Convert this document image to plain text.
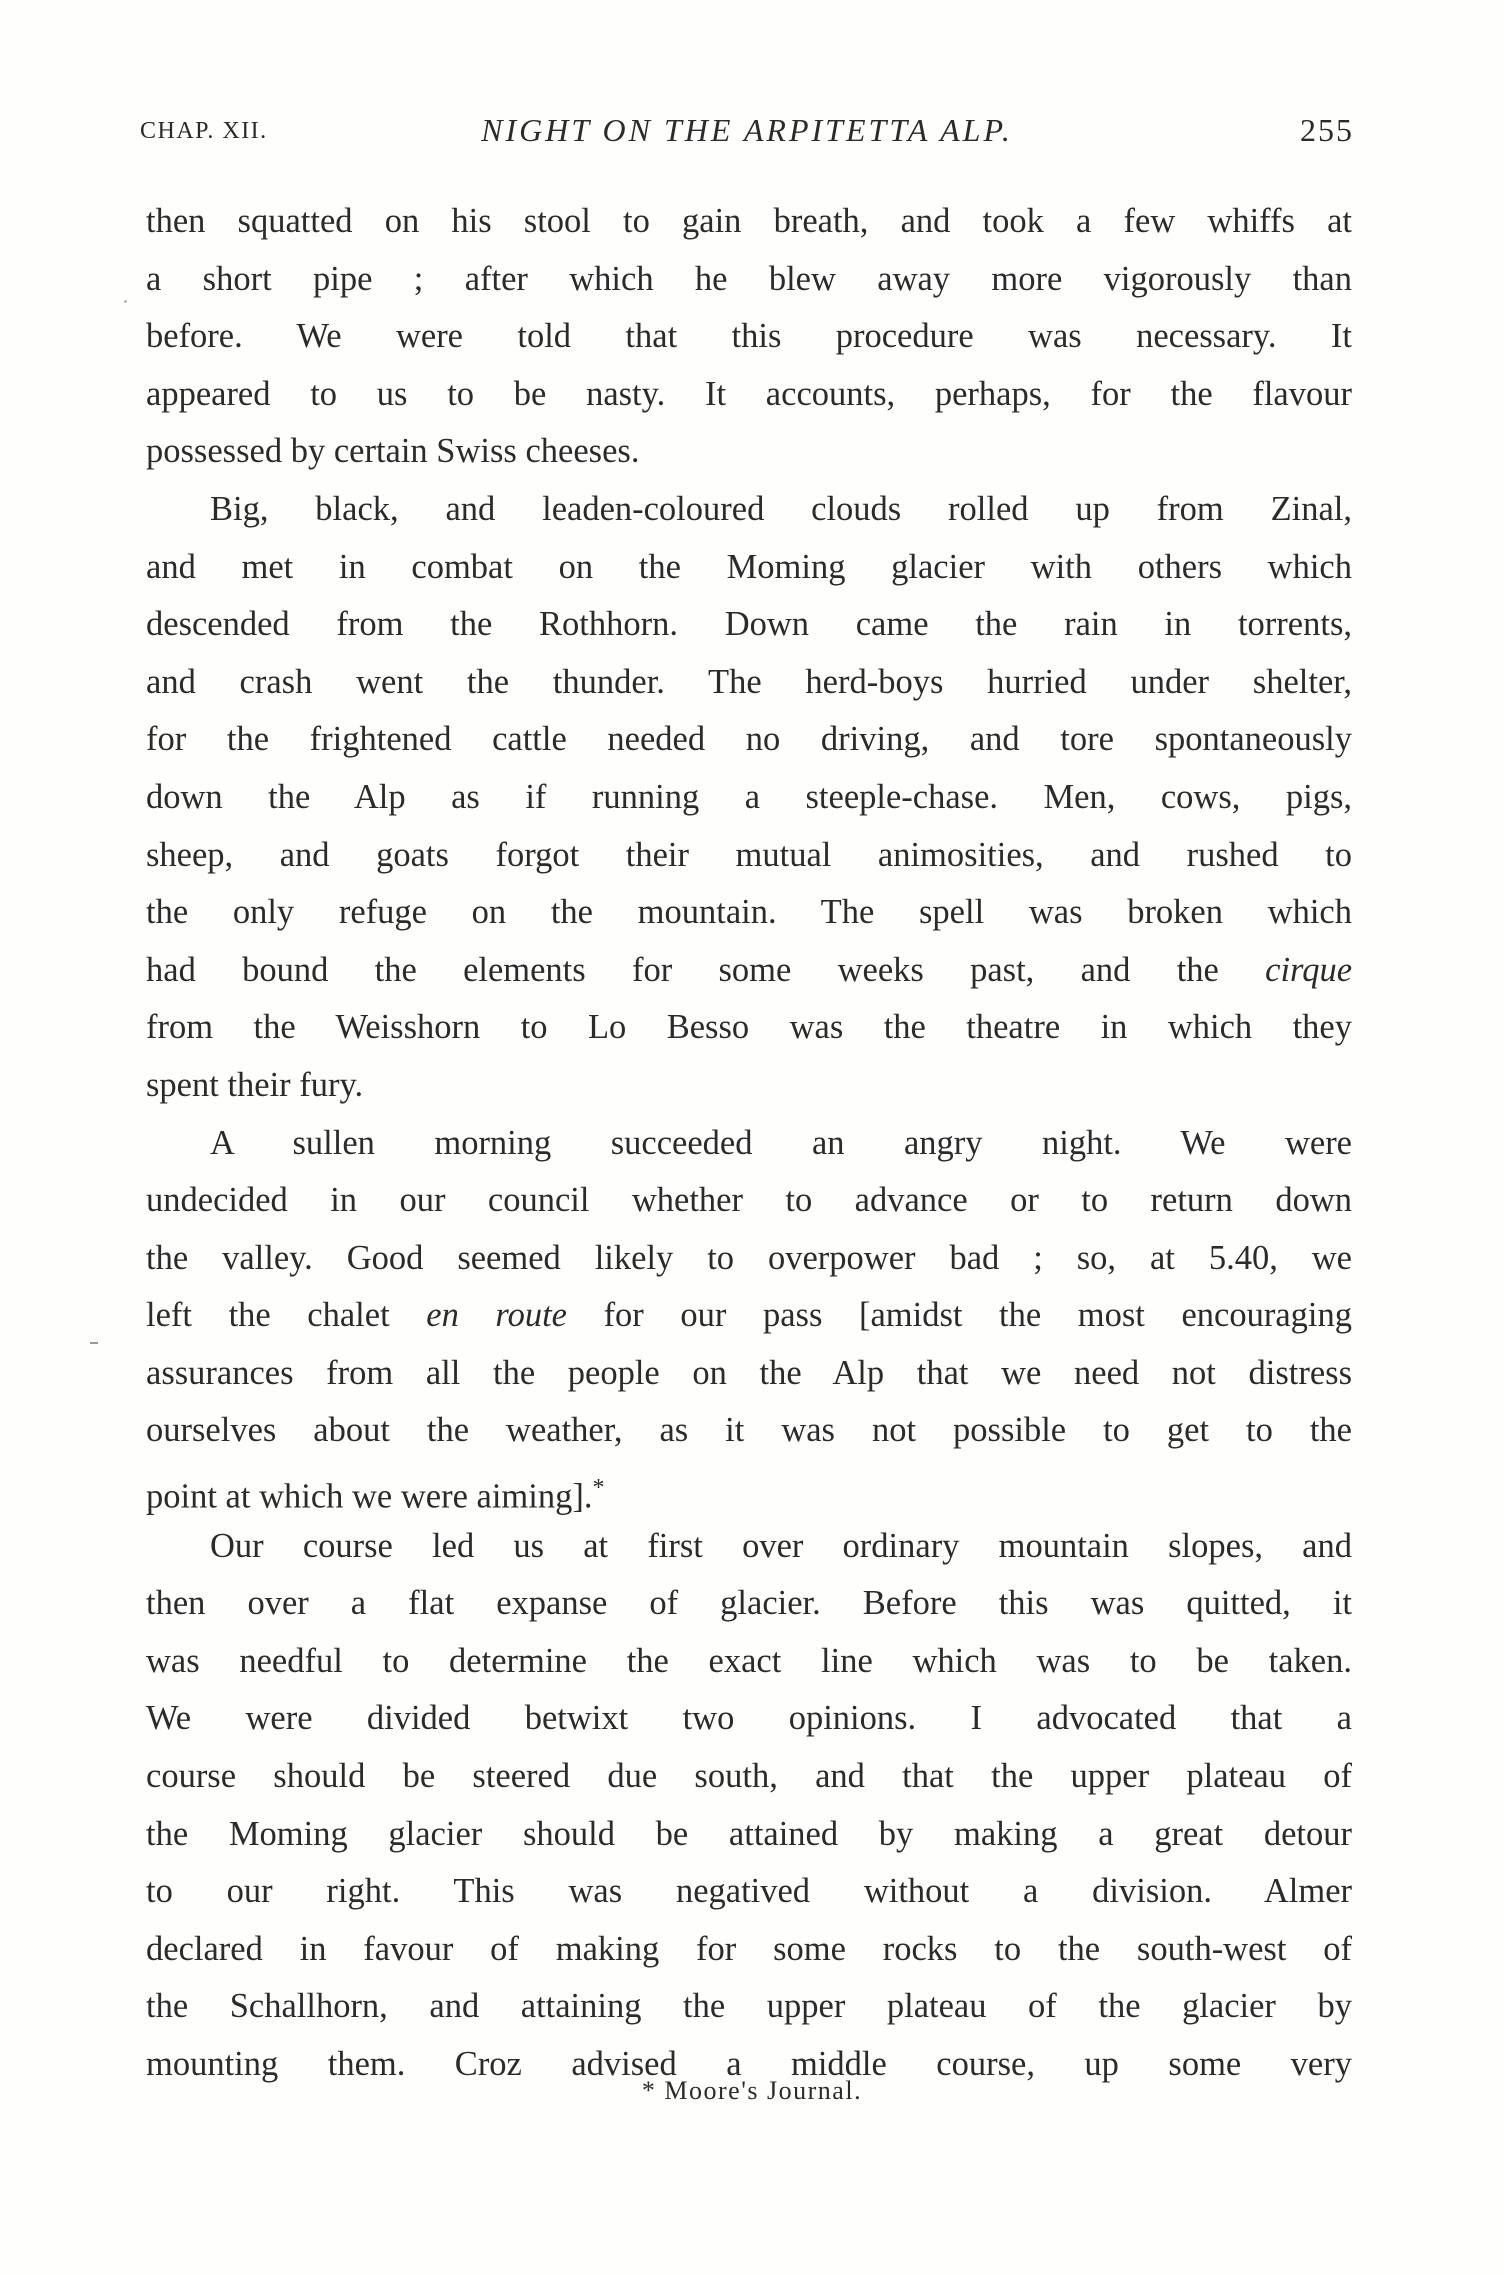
CHAP. XII.	NIGHT ON THE ARPITETTA ALP.	255
then squatted on his stool to gain breath, and took a few whiffs at
a short pipe ; after which he blew away more vigorously than
before. We were told that this procedure was necessary. It
appeared to us to be nasty. It accounts, perhaps, for the flavour
possessed by certain Swiss cheeses.
Big, black, and leaden-coloured clouds rolled up from Zinal,
and met in combat on the Moming glacier with others which
descended from the Rothhorn. Down came the rain in torrents,
and crash went the thunder. The herd-boys hurried under shelter,
for the frightened cattle needed no driving, and tore spontaneously
down the Alp as if running a steeple-chase. Men, cows, pigs,
sheep, and goats forgot their mutual animosities, and rushed to
the only refuge on the mountain. The spell was broken which
had bound the elements for some weeks past, and the cirque
from the Weisshorn to Lo Besso was the theatre in which they
spent their fury.
A sullen morning succeeded an angry night. We were
undecided in our council whether to advance or to return down
the valley. Good seemed likely to overpower bad ; so, at 5.40, we
left the chalet en route for our pass [amidst the most encouraging
assurances from all the people on the Alp that we need not distress
ourselves about the weather, as it was not possible to get to the
point at which we were aiming].*
Our course led us at first over ordinary mountain slopes, and
then over a flat expanse of glacier. Before this was quitted, it
was needful to determine the exact line which was to be taken.
We were divided betwixt two opinions. I advocated that a
course should be steered due south, and that the upper plateau of
the Moming glacier should be attained by making a great detour
to our right. This was negatived without a division. Almer
declared in favour of making for some rocks to the south-west of
the Schallhorn, and attaining the upper plateau of the glacier by
mounting them. Croz advised a middle course, up some very
* Moore's Journal.
